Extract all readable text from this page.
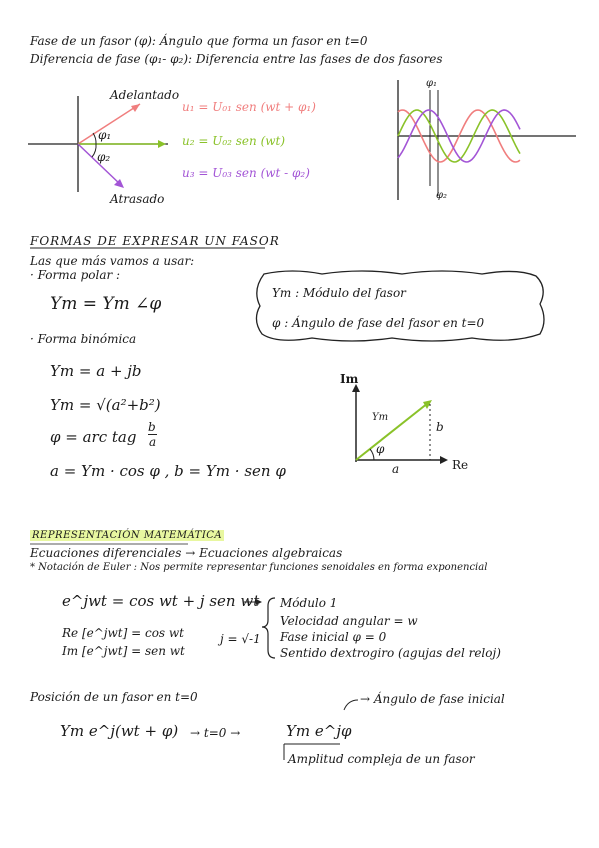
Fase de un fasor (φ): Ángulo que forma un fasor en t=0
Diferencia de fase (φ₁- φ₂): Diferencia entre las fases de dos fasores
Adelantado
Atrasado
φ₁
φ₂
u₁ = U₀₁ sen (wt + φ₁)
u₂ = U₀₂ sen (wt)
u₃ = U₀₃ sen (wt - φ₂)
φ₁
φ₂
FORMAS DE EXPRESAR UN FASOR
Las que más vamos a usar:
· Forma polar :
Ym = Ym ∠φ
Ym : Módulo del fasor
φ : Ángulo de fase del fasor en t=0
· Forma binómica
Ym = a + jb
Ym = √(a²+b²)
φ = arc tag
b
a
a = Ym · cos φ , b = Ym · sen φ
Im
Re
Ym
b
a
φ
REPRESENTACIÓN MATEMÁTICA
Ecuaciones diferenciales → Ecuaciones algebraicas
* Notación de Euler : Nos permite representar funciones senoidales en forma exponencial
e^jwt = cos wt + j sen wt
Re [e^jwt] = cos wt
Im [e^jwt] = sen wt
j = √-1
Módulo 1
Velocidad angular = w
Fase inicial φ = 0
Sentido dextrogiro (agujas del reloj)
Posición de un fasor en t=0	→ Ángulo de fase inicial
Ym e^j(wt + φ) → t=0 →	Ym e^jφ
Amplitud compleja de un fasor
